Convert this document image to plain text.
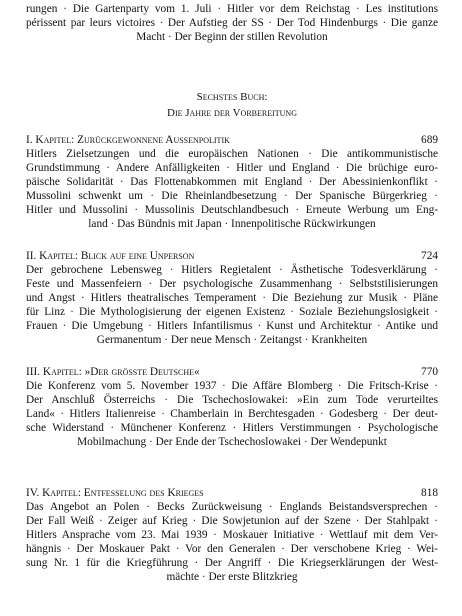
rungen · Die Gartenparty vom 1. Juli · Hitler vor dem Reichstag · Les institutions
périssent par leurs victoires · Der Aufstieg der SS · Der Tod Hindenburgs · Die ganze
Macht · Der Beginn der stillen Revolution
Sechstes Buch:
Die Jahre der Vorbereitung
I. Kapitel: Zurückgewonnene Aussenpolitik	689
Hitlers Zielsetzungen und die europäischen Nationen · Die antikommunistische
Grundstimmung · Andere Anfälligkeiten · Hitler und England · Die brüchige euro-
päische Solidarität · Das Flottenabkommen mit England · Der Abessinienkonflikt ·
Mussolini schwenkt um · Die Rheinlandbesetzung · Der Spanische Bürgerkrieg ·
Hitler und Mussolini · Mussolinis Deutschlandbesuch · Erneute Werbung um Eng-
land · Das Bündnis mit Japan · Innenpolitische Rückwirkungen
II. Kapitel: Blick auf eine Unperson	724
Der gebrochene Lebensweg · Hitlers Regietalent · Ästhetische Todesverklärung ·
Feste und Massenfeiern · Der psychologische Zusammenhang · Selbststilisierungen
und Angst · Hitlers theatralisches Temperament · Die Beziehung zur Musik · Pläne
für Linz · Die Mythologisierung der eigenen Existenz · Soziale Beziehungslosigkeit ·
Frauen · Die Umgebung · Hitlers Infantilismus · Kunst und Architektur · Antike und
Germanentum · Der neue Mensch · Zeitangst · Krankheiten
III. Kapitel: »Der grösste Deutsche«	770
Die Konferenz vom 5. November 1937 · Die Affäre Blomberg · Die Fritsch-Krise ·
Der Anschluß Österreichs · Die Tschechoslowakei: »Ein zum Tode verurteiltes
Land« · Hitlers Italienreise · Chamberlain in Berchtesgaden · Godesberg · Der deut-
sche Widerstand · Münchener Konferenz · Hitlers Verstimmungen · Psychologische
Mobilmachung · Der Ende der Tschechoslowakei · Der Wendepunkt
IV. Kapitel: Entfesselung des Krieges	818
Das Angebot an Polen · Becks Zurückweisung · Englands Beistandsversprechen ·
Der Fall Weiß · Zeiger auf Krieg · Die Sowjetunion auf der Szene · Der Stahlpakt ·
Hitlers Ansprache vom 23. Mai 1939 · Moskauer Initiative · Wettlauf mit dem Ver-
hängnis · Der Moskauer Pakt · Vor den Generalen · Der verschobene Krieg · Wei-
sung Nr. 1 für die Kriegführung · Der Angriff · Die Kriegserklärungen der West-
mächte · Der erste Blitzkrieg
